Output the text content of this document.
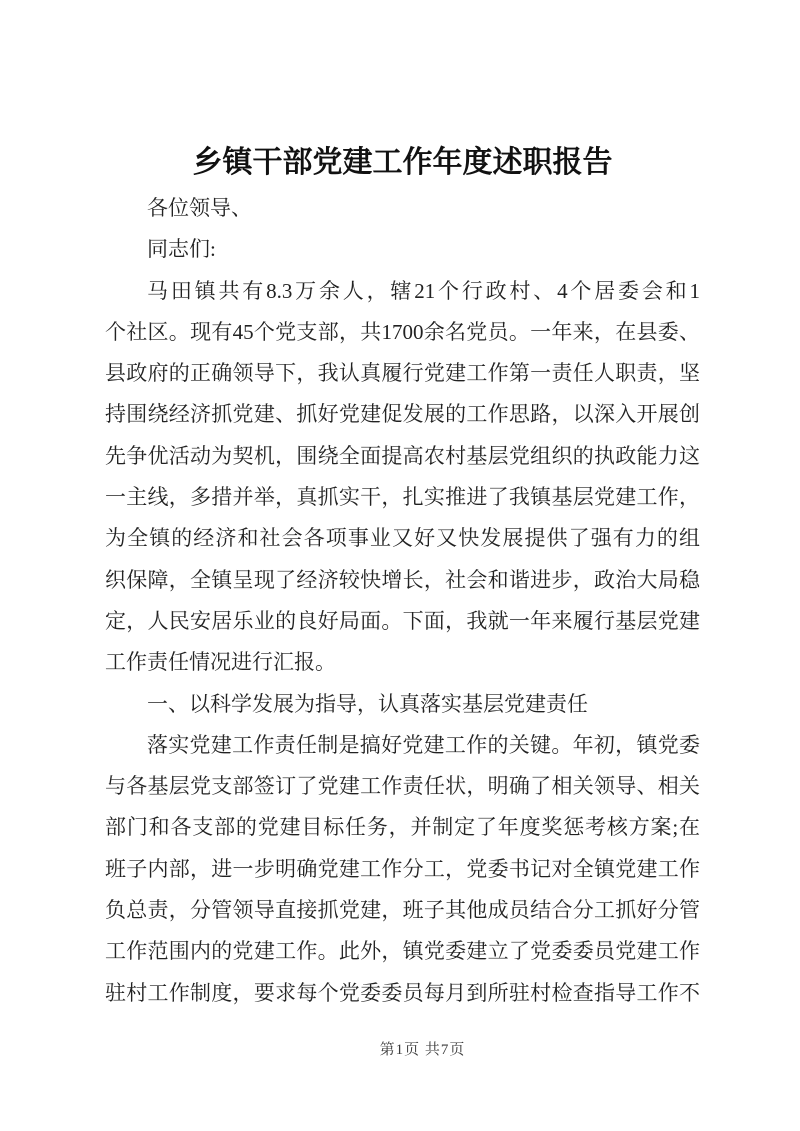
乡镇干部党建工作年度述职报告
各位领导、
同志们:
马田镇共有8.3万余人，辖21个行政村、4个居委会和1
个社区。现有45个党支部，共1700余名党员。一年来，在县委、
县政府的正确领导下，我认真履行党建工作第一责任人职责，坚
持围绕经济抓党建、抓好党建促发展的工作思路，以深入开展创
先争优活动为契机，围绕全面提高农村基层党组织的执政能力这
一主线，多措并举，真抓实干，扎实推进了我镇基层党建工作，
为全镇的经济和社会各项事业又好又快发展提供了强有力的组
织保障，全镇呈现了经济较快增长，社会和谐进步，政治大局稳
定，人民安居乐业的良好局面。下面，我就一年来履行基层党建
工作责任情况进行汇报。
一、以科学发展为指导，认真落实基层党建责任
落实党建工作责任制是搞好党建工作的关键。年初，镇党委
与各基层党支部签订了党建工作责任状，明确了相关领导、相关
部门和各支部的党建目标任务，并制定了年度奖惩考核方案;在
班子内部，进一步明确党建工作分工，党委书记对全镇党建工作
负总责，分管领导直接抓党建，班子其他成员结合分工抓好分管
工作范围内的党建工作。此外，镇党委建立了党委委员党建工作
驻村工作制度，要求每个党委委员每月到所驻村检查指导工作不
第1页 共7页
